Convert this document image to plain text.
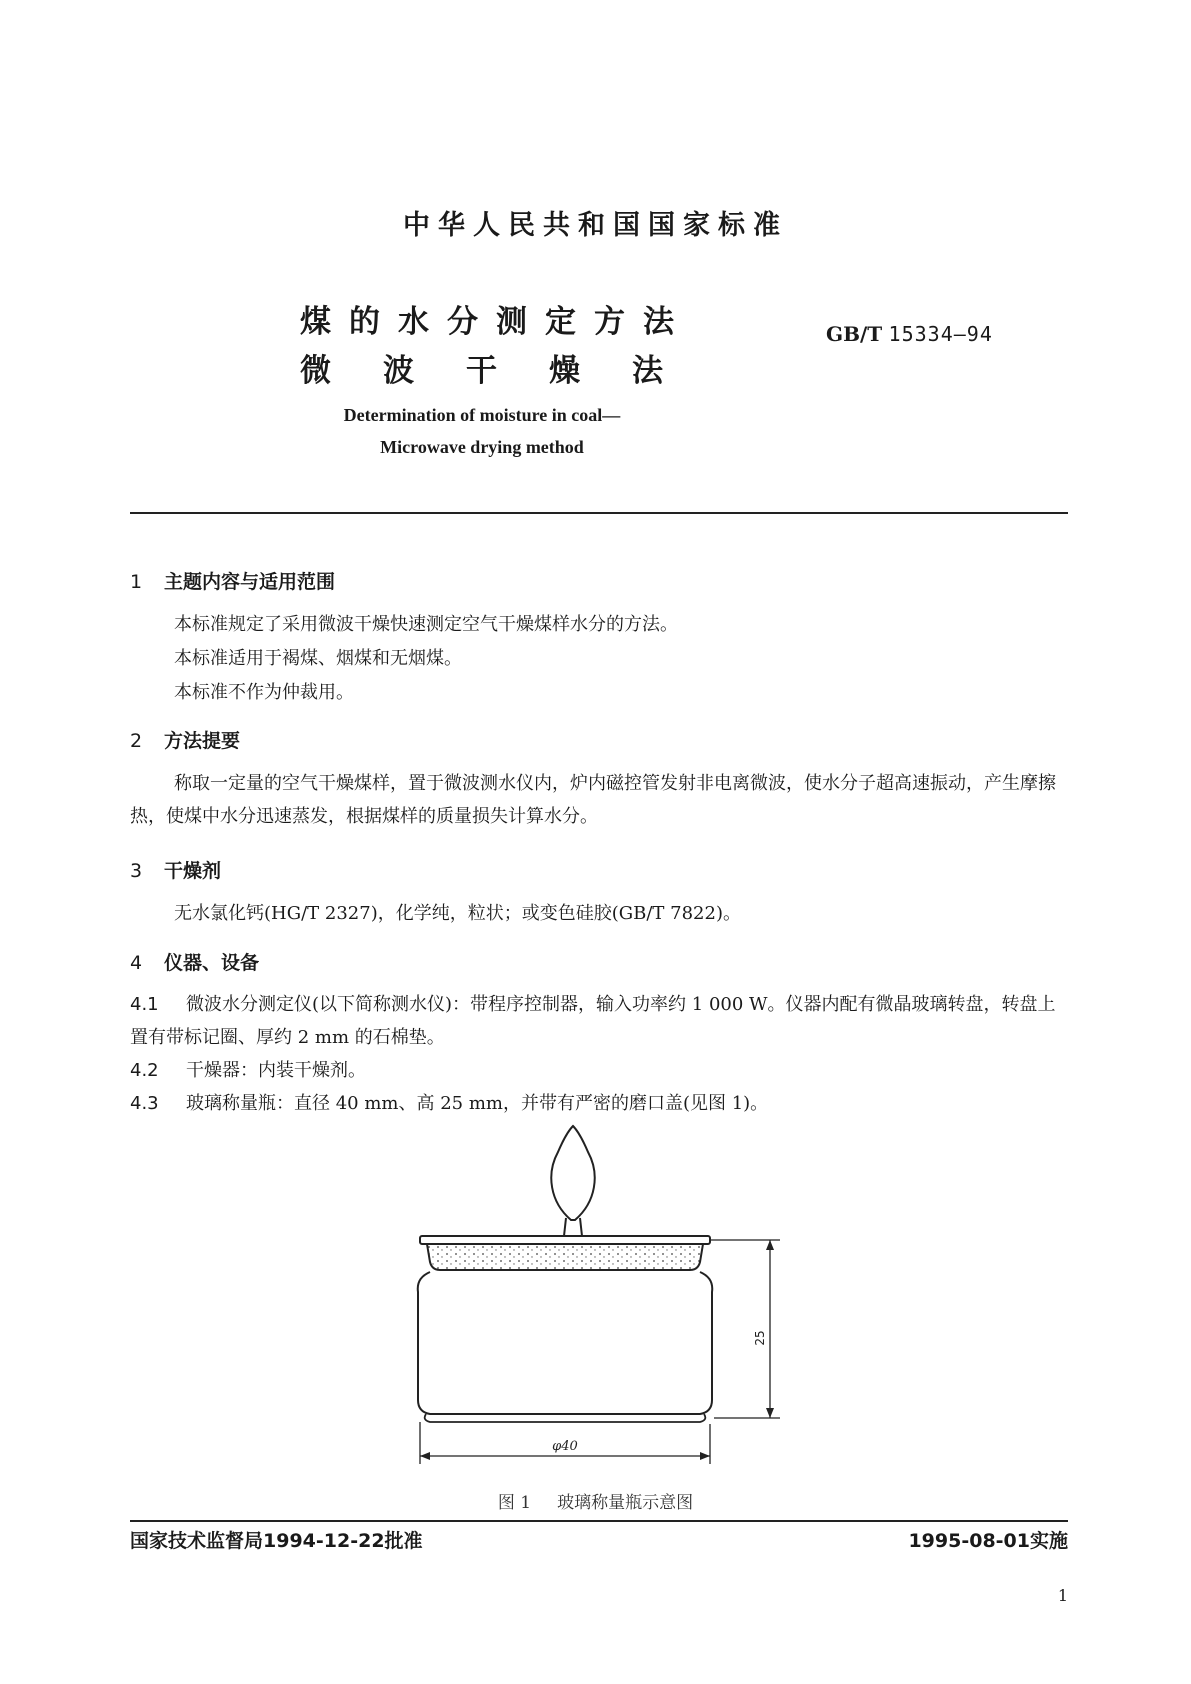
中华人民共和国国家标准
煤的水分测定方法
微波干燥法
GB/T 15334—94
Determination of moisture in coal—
Microwave drying method
1 主题内容与适用范围
本标准规定了采用微波干燥快速测定空气干燥煤样水分的方法。
本标准适用于褐煤、烟煤和无烟煤。
本标准不作为仲裁用。
2 方法提要
称取一定量的空气干燥煤样，置于微波测水仪内，炉内磁控管发射非电离微波，使水分子超高速振动，产生摩擦热，使煤中水分迅速蒸发，根据煤样的质量损失计算水分。
3 干燥剂
无水氯化钙(HG/T 2327)，化学纯，粒状；或变色硅胶(GB/T 7822)。
4 仪器、设备
4.1 微波水分测定仪(以下简称测水仪)：带程序控制器，输入功率约 1 000 W。仪器内配有微晶玻璃转盘，转盘上置有带标记圈、厚约 2 mm 的石棉垫。
4.2 干燥器：内装干燥剂。
4.3 玻璃称量瓶：直径 40 mm、高 25 mm，并带有严密的磨口盖(见图 1)。
25
φ40
图 1 玻璃称量瓶示意图
国家技术监督局1994-12-22批准	1995-08-01实施
1
